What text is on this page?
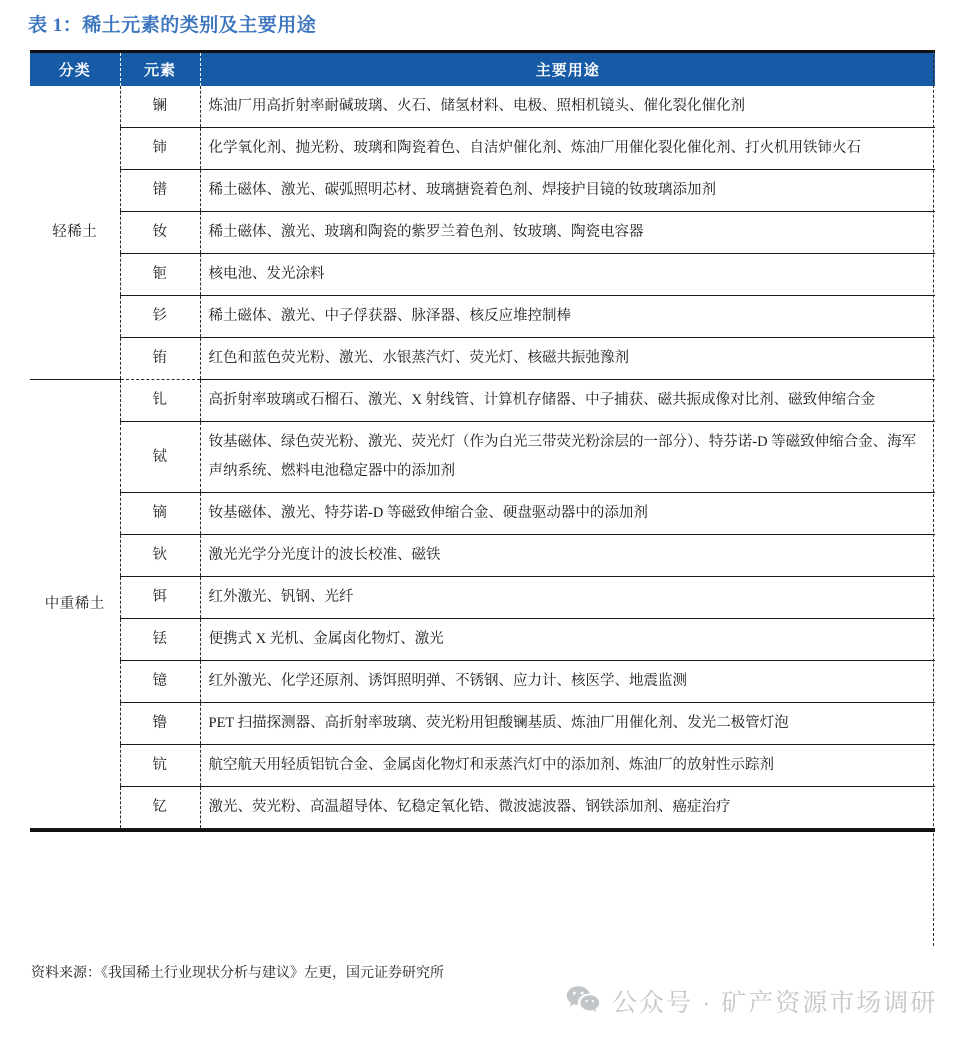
表 1：稀土元素的类别及主要用途
分类	元素	主要用途
轻稀土	镧	炼油厂用高折射率耐碱玻璃、火石、储氢材料、电极、照相机镜头、催化裂化催化剂
	铈	化学氧化剂、抛光粉、玻璃和陶瓷着色、自洁炉催化剂、炼油厂用催化裂化催化剂、打火机用铁铈火石
	镨	稀土磁体、激光、碳弧照明芯材、玻璃搪瓷着色剂、焊接护目镜的钕玻璃添加剂
	钕	稀土磁体、激光、玻璃和陶瓷的紫罗兰着色剂、钕玻璃、陶瓷电容器
	钷	核电池、发光涂料
	钐	稀土磁体、激光、中子俘获器、脉泽器、核反应堆控制棒
	铕	红色和蓝色荧光粉、激光、水银蒸汽灯、荧光灯、核磁共振弛豫剂
中重稀土	钆	高折射率玻璃或石榴石、激光、X 射线管、计算机存储器、中子捕获、磁共振成像对比剂、磁致伸缩合金
	铽	钕基磁体、绿色荧光粉、激光、荧光灯（作为白光三带荧光粉涂层的一部分）、特芬诺-D 等磁致伸缩合金、海军声纳系统、燃料电池稳定器中的添加剂
	镝	钕基磁体、激光、特芬诺-D 等磁致伸缩合金、硬盘驱动器中的添加剂
	钬	激光光学分光度计的波长校准、磁铁
	铒	红外激光、钒钢、光纤
	铥	便携式 X 光机、金属卤化物灯、激光
	镱	红外激光、化学还原剂、诱饵照明弹、不锈钢、应力计、核医学、地震监测
	镥	PET 扫描探测器、高折射率玻璃、荧光粉用钽酸镧基质、炼油厂用催化剂、发光二极管灯泡
	钪	航空航天用轻质铝钪合金、金属卤化物灯和汞蒸汽灯中的添加剂、炼油厂的放射性示踪剂
	钇	激光、荧光粉、高温超导体、钇稳定氧化锆、微波滤波器、钢铁添加剂、癌症治疗
资料来源：《我国稀土行业现状分析与建议》左更，国元证券研究所
公众号 · 矿产资源市场调研
